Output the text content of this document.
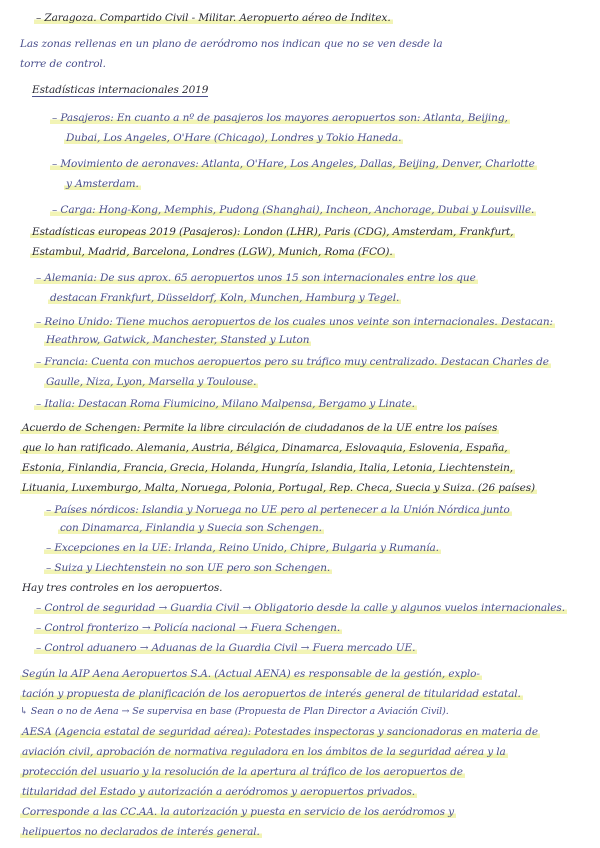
– Zaragoza. Compartido Civil - Militar. Aeropuerto aéreo de Inditex.
Las zonas rellenas en un plano de aeródromo nos indican que no se ven desde la
torre de control.
Estadísticas internacionales 2019
– Pasajeros: En cuanto a nº de pasajeros los mayores aeropuertos son: Atlanta, Beijing,
Dubai, Los Angeles, O'Hare (Chicago), Londres y Tokio Haneda.
– Movimiento de aeronaves: Atlanta, O'Hare, Los Angeles, Dallas, Beijing, Denver, Charlotte
y Amsterdam.
– Carga: Hong-Kong, Memphis, Pudong (Shanghai), Incheon, Anchorage, Dubai y Louisville.
Estadísticas europeas 2019 (Pasajeros): London (LHR), Paris (CDG), Amsterdam, Frankfurt,
Estambul, Madrid, Barcelona, Londres (LGW), Munich, Roma (FCO).
– Alemania: De sus aprox. 65 aeropuertos unos 15 son internacionales entre los que
destacan Frankfurt, Düsseldorf, Koln, Munchen, Hamburg y Tegel.
– Reino Unido: Tiene muchos aeropuertos de los cuales unos veinte son internacionales. Destacan:
Heathrow, Gatwick, Manchester, Stansted y Luton
– Francia: Cuenta con muchos aeropuertos pero su tráfico muy centralizado. Destacan Charles de
Gaulle, Niza, Lyon, Marsella y Toulouse.
– Italia: Destacan Roma Fiumicino, Milano Malpensa, Bergamo y Linate.
Acuerdo de Schengen: Permite la libre circulación de ciudadanos de la UE entre los países
que lo han ratificado. Alemania, Austria, Bélgica, Dinamarca, Eslovaquia, Eslovenia, España,
Estonia, Finlandia, Francia, Grecia, Holanda, Hungría, Islandia, Italia, Letonia, Liechtenstein,
Lituania, Luxemburgo, Malta, Noruega, Polonia, Portugal, Rep. Checa, Suecia y Suiza. (26 países)
– Países nórdicos: Islandia y Noruega no UE pero al pertenecer a la Unión Nórdica junto
con Dinamarca, Finlandia y Suecia son Schengen.
– Excepciones en la UE: Irlanda, Reino Unido, Chipre, Bulgaria y Rumanía.
– Suiza y Liechtenstein no son UE pero son Schengen.
Hay tres controles en los aeropuertos.
– Control de seguridad → Guardia Civil → Obligatorio desde la calle y algunos vuelos internacionales.
– Control fronterizo → Policía nacional → Fuera Schengen.
– Control aduanero → Aduanas de la Guardia Civil → Fuera mercado UE.
Según la AIP Aena Aeropuertos S.A. (Actual AENA) es responsable de la gestión, explo-
tación y propuesta de planificación de los aeropuertos de interés general de titularidad estatal.
↳ Sean o no de Aena → Se supervisa en base (Propuesta de Plan Director a Aviación Civil).
AESA (Agencia estatal de seguridad aérea): Potestades inspectoras y sancionadoras en materia de
aviación civil, aprobación de normativa reguladora en los ámbitos de la seguridad aérea y la
protección del usuario y la resolución de la apertura al tráfico de los aeropuertos de
titularidad del Estado y autorización a aeródromos y aeropuertos privados.
Corresponde a las CC.AA. la autorización y puesta en servicio de los aeródromos y
helipuertos no declarados de interés general.
